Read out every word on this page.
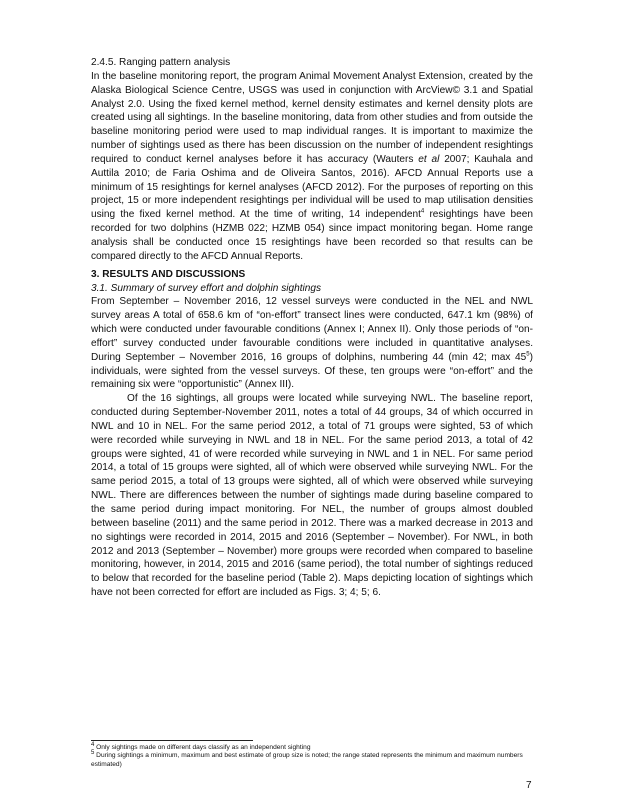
2.4.5. Ranging pattern analysis

In the baseline monitoring report, the program Animal Movement Analyst Extension, created by the Alaska Biological Science Centre, USGS was used in conjunction with ArcView© 3.1 and Spatial Analyst 2.0. Using the fixed kernel method, kernel density estimates and kernel density plots are created using all sightings. In the baseline monitoring, data from other studies and from outside the baseline monitoring period were used to map individual ranges. It is important to maximize the number of sightings used as there has been discussion on the number of independent resightings required to conduct kernel analyses before it has accuracy (Wauters et al 2007; Kauhala and Auttila 2010; de Faria Oshima and de Oliveira Santos, 2016). AFCD Annual Reports use a minimum of 15 resightings for kernel analyses (AFCD 2012). For the purposes of reporting on this project, 15 or more independent resightings per individual will be used to map utilisation densities using the fixed kernel method. At the time of writing, 14 independent$^4$ resightings have been recorded for two dolphins (HZMB 022; HZMB 054) since impact monitoring began. Home range analysis shall be conducted once 15 resightings have been recorded so that results can be compared directly to the AFCD Annual Reports.

3. RESULTS AND DISCUSSIONS

3.1. Summary of survey effort and dolphin sightings

From September – November 2016, 12 vessel surveys were conducted in the NEL and NWL survey areas A total of 658.6 km of “on-effort” transect lines were conducted, 647.1 km (98%) of which were conducted under favourable conditions (Annex I; Annex II). Only those periods of “on-effort” survey conducted under favourable conditions were included in quantitative analyses. During September – November 2016, 16 groups of dolphins, numbering 44 (min 42; $\max 45^5$) individuals, were sighted from the vessel surveys. Of these, ten groups were “on-effort” and the remaining six were “opportunistic” (Annex III).

Of the 16 sightings, all groups were located while surveying NWL. The baseline report, conducted during September-November 2011, notes a total of 44 groups, 34 of which occurred in NWL and 10 in NEL. For the same period 2012, a total of 71 groups were sighted, 53 of which were recorded while surveying in NWL and 18 in NEL. For the same period 2013, a total of 42 groups were sighted, 41 of were recorded while surveying in NWL and 1 in NEL. For same period 2014, a total of 15 groups were sighted, all of which were observed while surveying NWL. For the same period 2015, a total of 13 groups were sighted, all of which were observed while surveying NWL. There are differences between the number of sightings made during baseline compared to the same period during impact monitoring. For NEL, the number of groups almost doubled between baseline (2011) and the same period in 2012. There was a marked decrease in 2013 and no sightings were recorded in 2014, 2015 and 2016 (September – November). For NWL, in both 2012 and 2013 (September – November) more groups were recorded when compared to baseline monitoring, however, in 2014, 2015 and 2016 (same period), the total number of sightings reduced to below that recorded for the baseline period (Table 2). Maps depicting location of sightings which have not been corrected for effort are included as Figs. 3; 4; 5; 6.

$^4$ Only sightings made on different days classify as an independent sighting

$^5$ During sightings a minimum, maximum and best estimate of group size is noted; the range stated represents the minimum and maximum numbers estimated)

7
